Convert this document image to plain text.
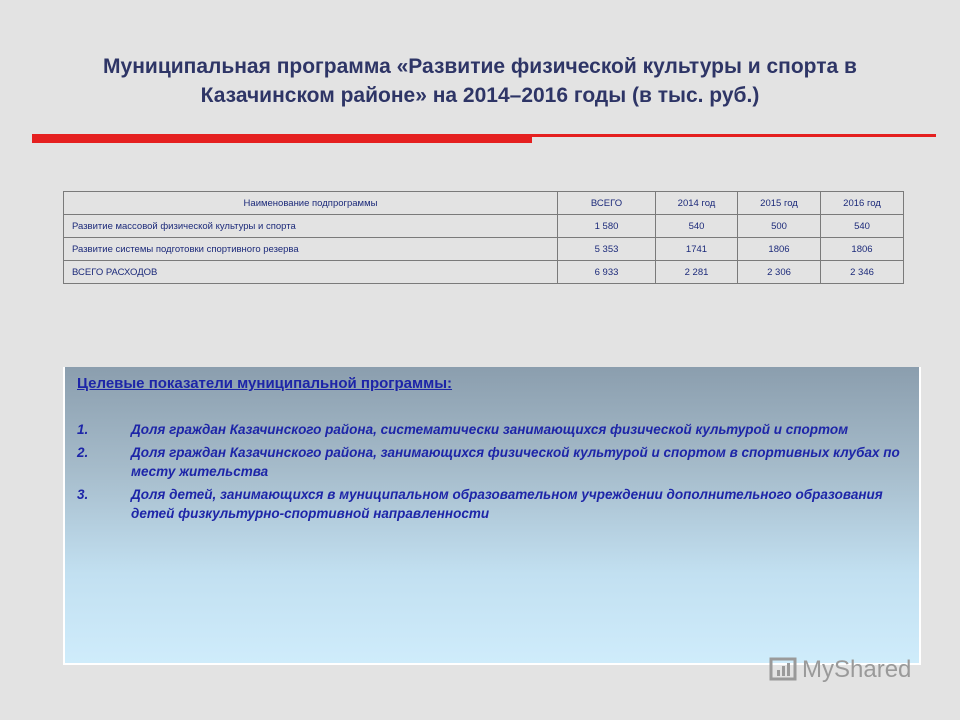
Муниципальная программа «Развитие физической культуры и спорта в Казачинском районе» на 2014–2016 годы (в тыс. руб.)
Наименование подпрограммы	ВСЕГО	2014 год	2015 год	2016 год
Развитие массовой физической культуры и спорта	1 580	540	500	540
Развитие системы подготовки спортивного резерва	5 353	1741	1806	1806
ВСЕГО РАСХОДОВ	6 933	2 281	2 306	2 346
Целевые показатели муниципальной программы:
1.	Доля граждан Казачинского района, систематически занимающихся физической культурой и спортом
2.	Доля граждан Казачинского района, занимающихся физической культурой и спортом в спортивных клубах по месту жительства
3.	Доля детей, занимающихся в муниципальном образовательном учреждении дополнительного образования детей физкультурно-спортивной направленности
MyShared
